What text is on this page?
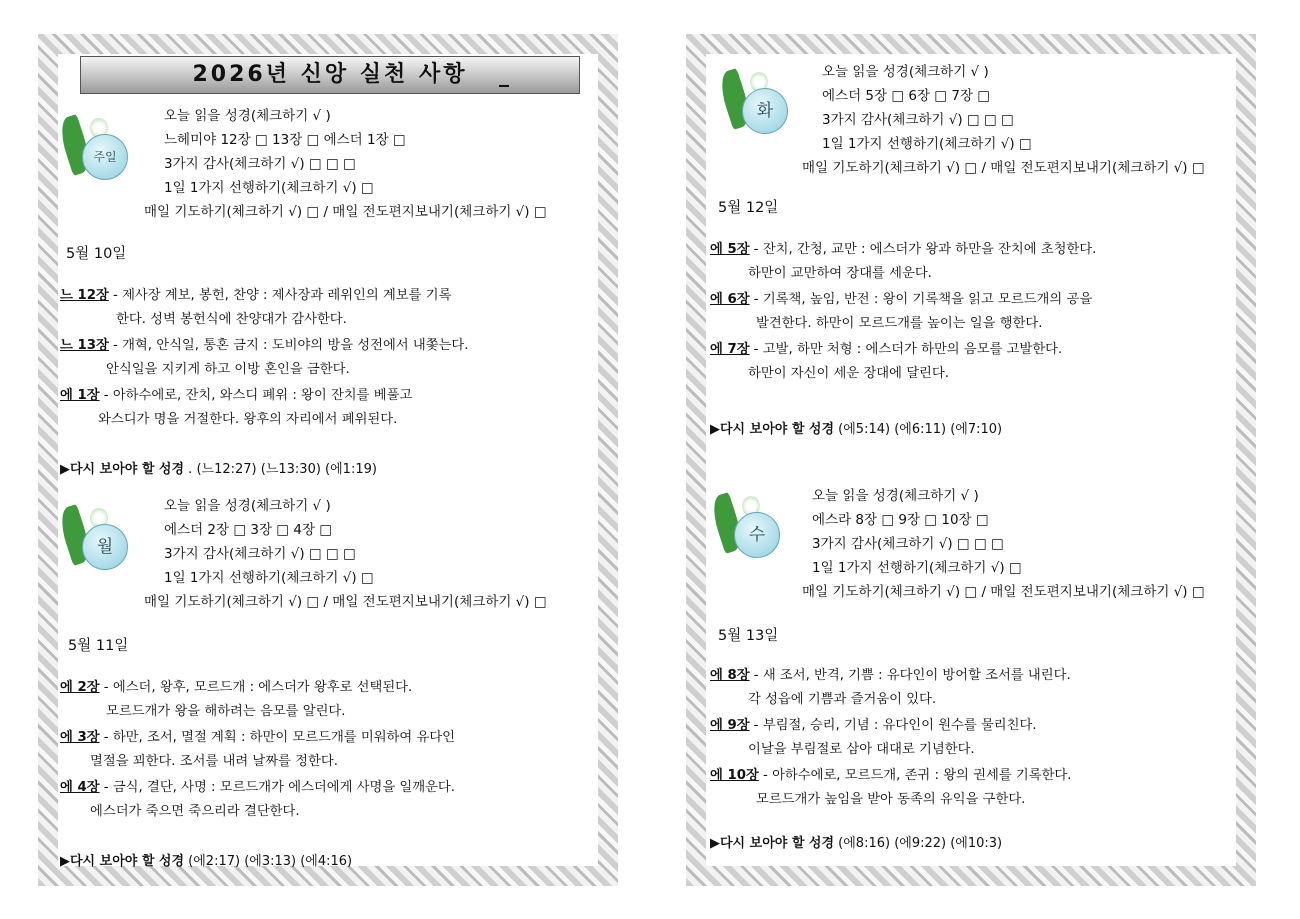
2026년 신앙 실천 사항
주일
오늘 읽을 성경(체크하기 √ )
느헤미야 12장 □ 13장 □ 에스더 1장 □
3가지 감사(체크하기 √) □ □ □
1일 1가지 선행하기(체크하기 √) □
매일 기도하기(체크하기 √) □ / 매일 전도편지보내기(체크하기 √) □
5월 10일
느 12장 - 제사장 계보, 봉헌, 찬양 : 제사장과 레위인의 계보를 기록
한다. 성벽 봉헌식에 찬양대가 감사한다.
느 13장 - 개혁, 안식일, 통혼 금지 : 도비야의 방을 성전에서 내쫓는다.
안식일을 지키게 하고 이방 혼인을 금한다.
에 1장 - 아하수에로, 잔치, 와스디 폐위 : 왕이 잔치를 베풀고
와스디가 명을 거절한다. 왕후의 자리에서 폐위된다.
▶다시 보아야 할 성경 . (느12:27) (느13:30) (에1:19)
월
오늘 읽을 성경(체크하기 √ )
에스더 2장 □ 3장 □ 4장 □
3가지 감사(체크하기 √) □ □ □
1일 1가지 선행하기(체크하기 √) □
매일 기도하기(체크하기 √) □ / 매일 전도편지보내기(체크하기 √) □
5월 11일
에 2장 - 에스더, 왕후, 모르드개 : 에스더가 왕후로 선택된다.
모르드개가 왕을 해하려는 음모를 알린다.
에 3장 - 하만, 조서, 멸절 계획 : 하만이 모르드개를 미워하여 유다인
멸절을 꾀한다. 조서를 내려 날짜를 정한다.
에 4장 - 금식, 결단, 사명 : 모르드개가 에스더에게 사명을 일깨운다.
에스더가 죽으면 죽으리라 결단한다.
▶다시 보아야 할 성경 (에2:17) (에3:13) (에4:16)
화
오늘 읽을 성경(체크하기 √ )
에스더 5장 □ 6장 □ 7장 □
3가지 감사(체크하기 √) □ □ □
1일 1가지 선행하기(체크하기 √) □
매일 기도하기(체크하기 √) □ / 매일 전도편지보내기(체크하기 √) □
5월 12일
에 5장 - 잔치, 간청, 교만 : 에스더가 왕과 하만을 잔치에 초청한다.
하만이 교만하여 장대를 세운다.
에 6장 - 기록책, 높임, 반전 : 왕이 기록책을 읽고 모르드개의 공을
발견한다. 하만이 모르드개를 높이는 일을 행한다.
에 7장 - 고발, 하만 처형 : 에스더가 하만의 음모를 고발한다.
하만이 자신이 세운 장대에 달린다.
▶다시 보아야 할 성경 (에5:14) (에6:11) (에7:10)
수
오늘 읽을 성경(체크하기 √ )
에스라 8장 □ 9장 □ 10장 □
3가지 감사(체크하기 √) □ □ □
1일 1가지 선행하기(체크하기 √) □
매일 기도하기(체크하기 √) □ / 매일 전도편지보내기(체크하기 √) □
5월 13일
에 8장 - 새 조서, 반격, 기쁨 : 유다인이 방어할 조서를 내린다.
각 성읍에 기쁨과 즐거움이 있다.
에 9장 - 부림절, 승리, 기념 : 유다인이 원수를 물리친다.
이날을 부림절로 삼아 대대로 기념한다.
에 10장 - 아하수에로, 모르드개, 존귀 : 왕의 권세를 기록한다.
모르드개가 높임을 받아 동족의 유익을 구한다.
▶다시 보아야 할 성경 (에8:16) (에9:22) (에10:3)
